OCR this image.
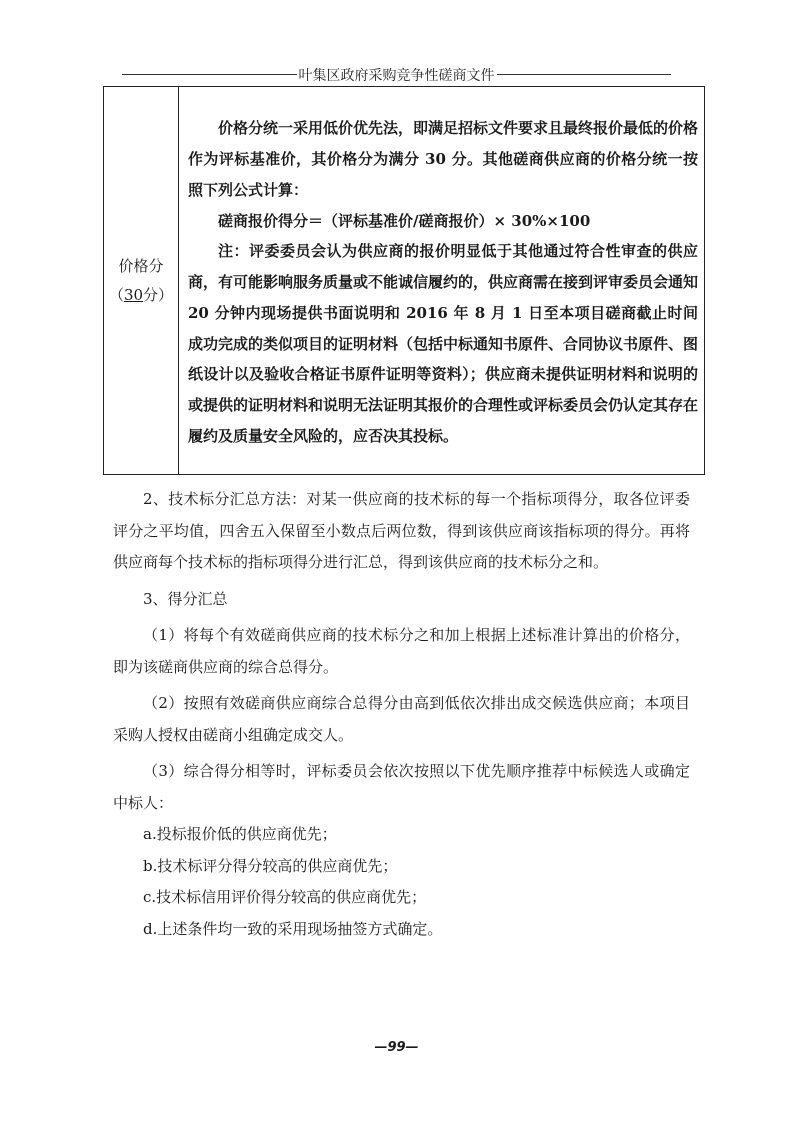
叶集区政府采购竞争性磋商文件
价格分
（30分）

价格分统一采用低价优先法，即满足招标文件要求且最终报价最低的价格作为评标基准价，其价格分为满分 30 分。其他磋商供应商的价格分统一按照下列公式计算：

磋商报价得分＝（评标基准价/磋商报价）× 30%×100

注：评委委员会认为供应商的报价明显低于其他通过符合性审查的供应商，有可能影响服务质量或不能诚信履约的，供应商需在接到评审委员会通知 20 分钟内现场提供书面说明和 2016 年 8 月 1 日至本项目磋商截止时间成功完成的类似项目的证明材料（包括中标通知书原件、合同协议书原件、图纸设计以及验收合格证书原件证明等资料）；供应商未提供证明材料和说明的或提供的证明材料和说明无法证明其报价的合理性或评标委员会仍认定其存在履约及质量安全风险的，应否决其投标。

2、技术标分汇总方法：对某一供应商的技术标的每一个指标项得分，取各位评委评分之平均值，四舍五入保留至小数点后两位数，得到该供应商该指标项的得分。再将供应商每个技术标的指标项得分进行汇总，得到该供应商的技术标分之和。

3、得分汇总

（1）将每个有效磋商供应商的技术标分之和加上根据上述标准计算出的价格分，即为该磋商供应商的综合总得分。

（2）按照有效磋商供应商综合总得分由高到低依次排出成交候选供应商；本项目采购人授权由磋商小组确定成交人。

（3）综合得分相等时，评标委员会依次按照以下优先顺序推荐中标候选人或确定中标人：

a.投标报价低的供应商优先；

b.技术标评分得分较高的供应商优先；

c.技术标信用评价得分较高的供应商优先；

d.上述条件均一致的采用现场抽签方式确定。

—99—
